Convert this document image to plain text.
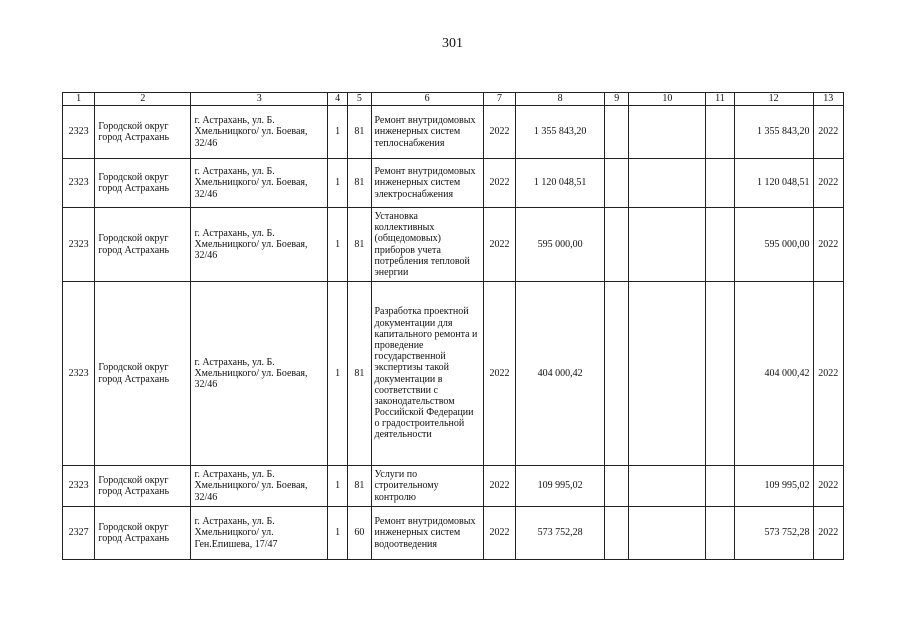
301
1	2	3	4	5	6	7	8	9	10	11	12	13
2323	Городской округ город Астрахань	г. Астрахань, ул. Б. Хмельницкого/ ул. Боевая, 32/46	1	81	Ремонт внутридомовых инженерных систем теплоснабжения	2022	1 355 843,20				1 355 843,20	2022
2323	Городской округ город Астрахань	г. Астрахань, ул. Б. Хмельницкого/ ул. Боевая, 32/46	1	81	Ремонт внутридомовых инженерных систем электроснабжения	2022	1 120 048,51				1 120 048,51	2022
2323	Городской округ город Астрахань	г. Астрахань, ул. Б. Хмельницкого/ ул. Боевая, 32/46	1	81	Установка коллективных (общедомовых) приборов учета потребления тепловой энергии	2022	595 000,00				595 000,00	2022
2323	Городской округ город Астрахань	г. Астрахань, ул. Б. Хмельницкого/ ул. Боевая, 32/46	1	81	Разработка проектной документации для капитального ремонта и проведение государственной экспертизы такой документации в соответствии с законодательством Российской Федерации о градостроительной деятельности	2022	404 000,42				404 000,42	2022
2323	Городской округ город Астрахань	г. Астрахань, ул. Б. Хмельницкого/ ул. Боевая, 32/46	1	81	Услуги по строительному контролю	2022	109 995,02				109 995,02	2022
2327	Городской округ город Астрахань	г. Астрахань, ул. Б. Хмельницкого/ ул. Ген.Епишева, 17/47	1	60	Ремонт внутридомовых инженерных систем водоотведения	2022	573 752,28				573 752,28	2022
